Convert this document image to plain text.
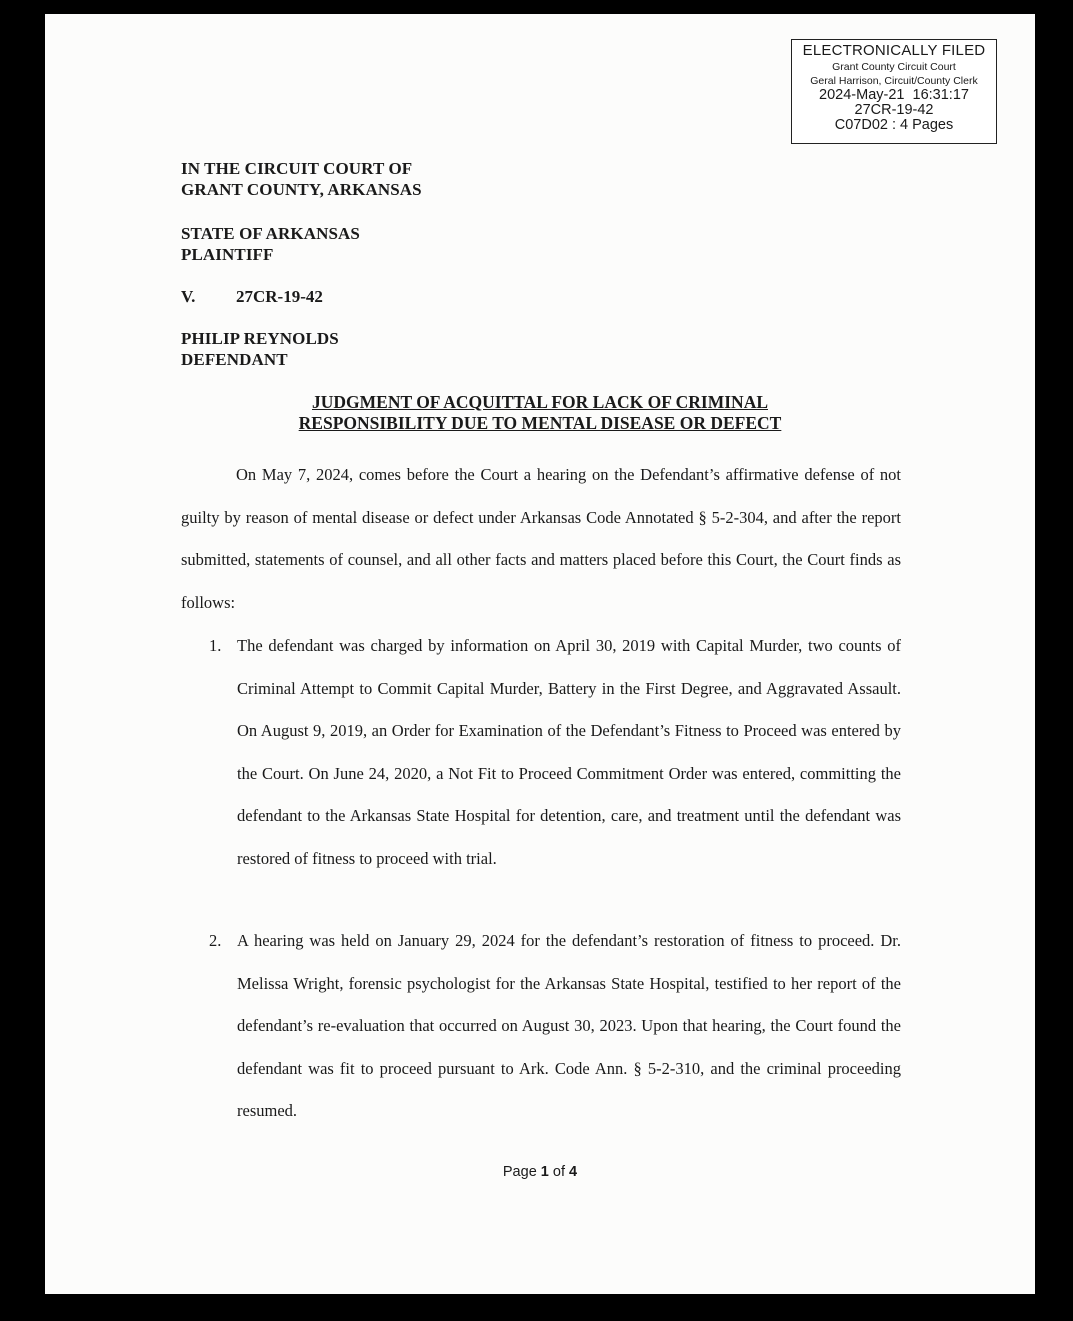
ELECTRONICALLY FILED
Grant County Circuit Court
Geral Harrison, Circuit/County Clerk
2024-May-21  16:31:17
27CR-19-42
C07D02 : 4 Pages
IN THE CIRCUIT COURT OF
GRANT COUNTY, ARKANSAS
STATE OF ARKANSAS
PLAINTIFF
V. 27CR-19-42
PHILIP REYNOLDS
DEFENDANT
JUDGMENT OF ACQUITTAL FOR LACK OF CRIMINAL
RESPONSIBILITY DUE TO MENTAL DISEASE OR DEFECT
On May 7, 2024, comes before the Court a hearing on the Defendant’s affirmative defense of not guilty by reason of mental disease or defect under Arkansas Code Annotated § 5-2-304, and after the report submitted, statements of counsel, and all other facts and matters placed before this Court, the Court finds as follows:
1. The defendant was charged by information on April 30, 2019 with Capital Murder, two counts of Criminal Attempt to Commit Capital Murder, Battery in the First Degree, and Aggravated Assault. On August 9, 2019, an Order for Examination of the Defendant’s Fitness to Proceed was entered by the Court. On June 24, 2020, a Not Fit to Proceed Commitment Order was entered, committing the defendant to the Arkansas State Hospital for detention, care, and treatment until the defendant was restored of fitness to proceed with trial.
2. A hearing was held on January 29, 2024 for the defendant’s restoration of fitness to proceed. Dr. Melissa Wright, forensic psychologist for the Arkansas State Hospital, testified to her report of the defendant’s re-evaluation that occurred on August 30, 2023. Upon that hearing, the Court found the defendant was fit to proceed pursuant to Ark. Code Ann. § 5-2-310, and the criminal proceeding resumed.
Page 1 of 4
